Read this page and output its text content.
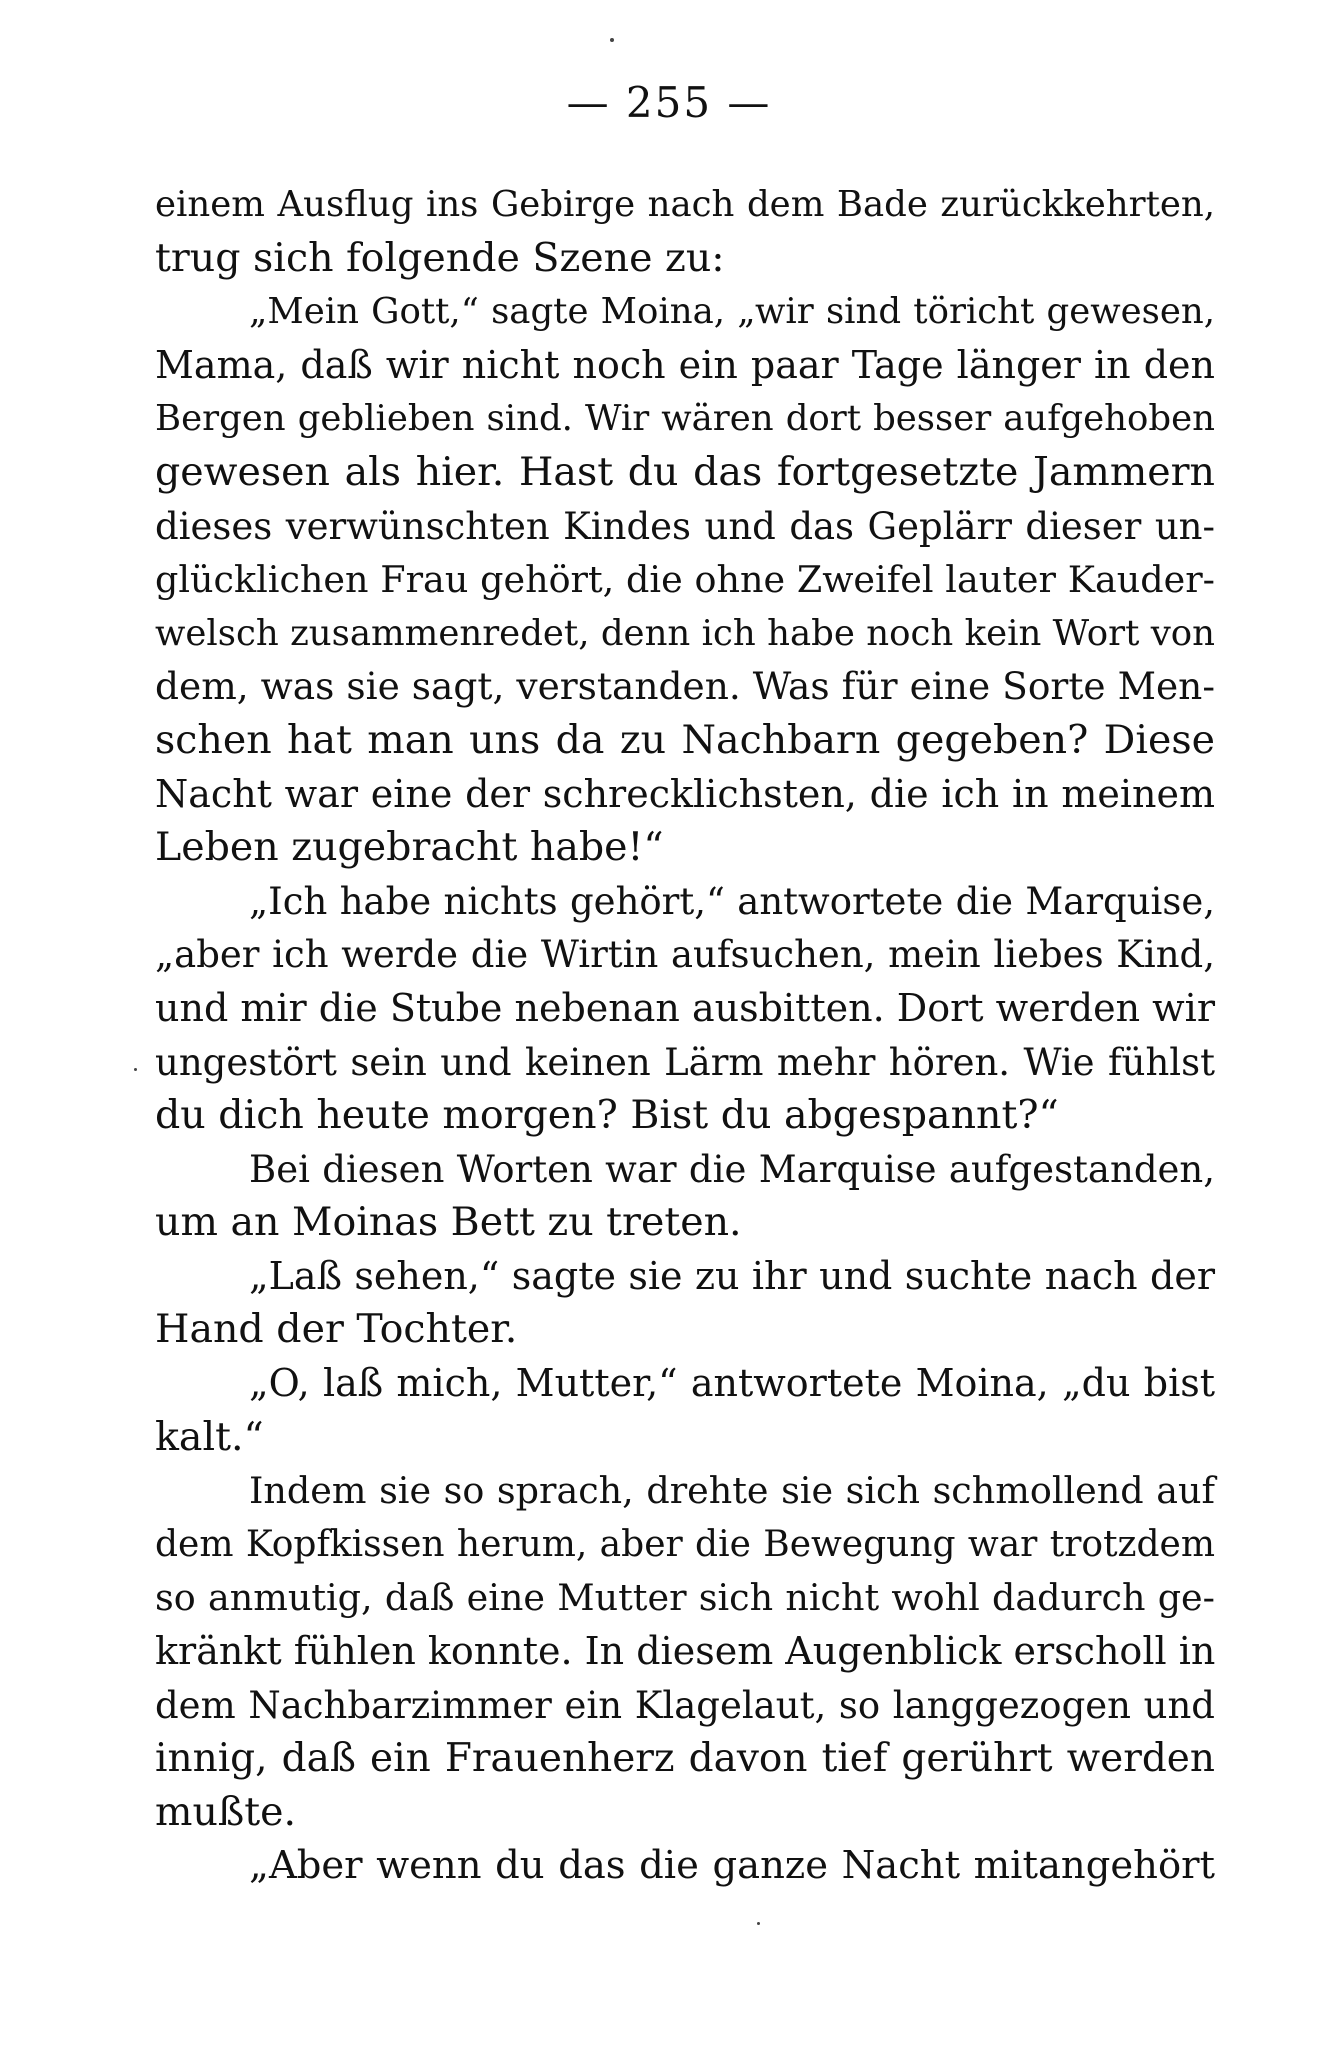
— 255 —
einem Ausflug ins Gebirge nach dem Bade zurückkehrten,
trug sich folgende Szene zu:
„Mein Gott,“ sagte Moina, „wir sind töricht gewesen,
Mama, daß wir nicht noch ein paar Tage länger in den
Bergen geblieben sind. Wir wären dort besser aufgehoben
gewesen als hier. Hast du das fortgesetzte Jammern
dieses verwünschten Kindes und das Geplärr dieser un-
glücklichen Frau gehört, die ohne Zweifel lauter Kauder-
welsch zusammenredet, denn ich habe noch kein Wort von
dem, was sie sagt, verstanden. Was für eine Sorte Men-
schen hat man uns da zu Nachbarn gegeben? Diese
Nacht war eine der schrecklichsten, die ich in meinem
Leben zugebracht habe!“
„Ich habe nichts gehört,“ antwortete die Marquise,
„aber ich werde die Wirtin aufsuchen, mein liebes Kind,
und mir die Stube nebenan ausbitten. Dort werden wir
ungestört sein und keinen Lärm mehr hören. Wie fühlst
du dich heute morgen? Bist du abgespannt?“
Bei diesen Worten war die Marquise aufgestanden,
um an Moinas Bett zu treten.
„Laß sehen,“ sagte sie zu ihr und suchte nach der
Hand der Tochter.
„O, laß mich, Mutter,“ antwortete Moina, „du bist
kalt.“
Indem sie so sprach, drehte sie sich schmollend auf
dem Kopfkissen herum, aber die Bewegung war trotzdem
so anmutig, daß eine Mutter sich nicht wohl dadurch ge-
kränkt fühlen konnte. In diesem Augenblick erscholl in
dem Nachbarzimmer ein Klagelaut, so langgezogen und
innig, daß ein Frauenherz davon tief gerührt werden
mußte.
„Aber wenn du das die ganze Nacht mitangehört
